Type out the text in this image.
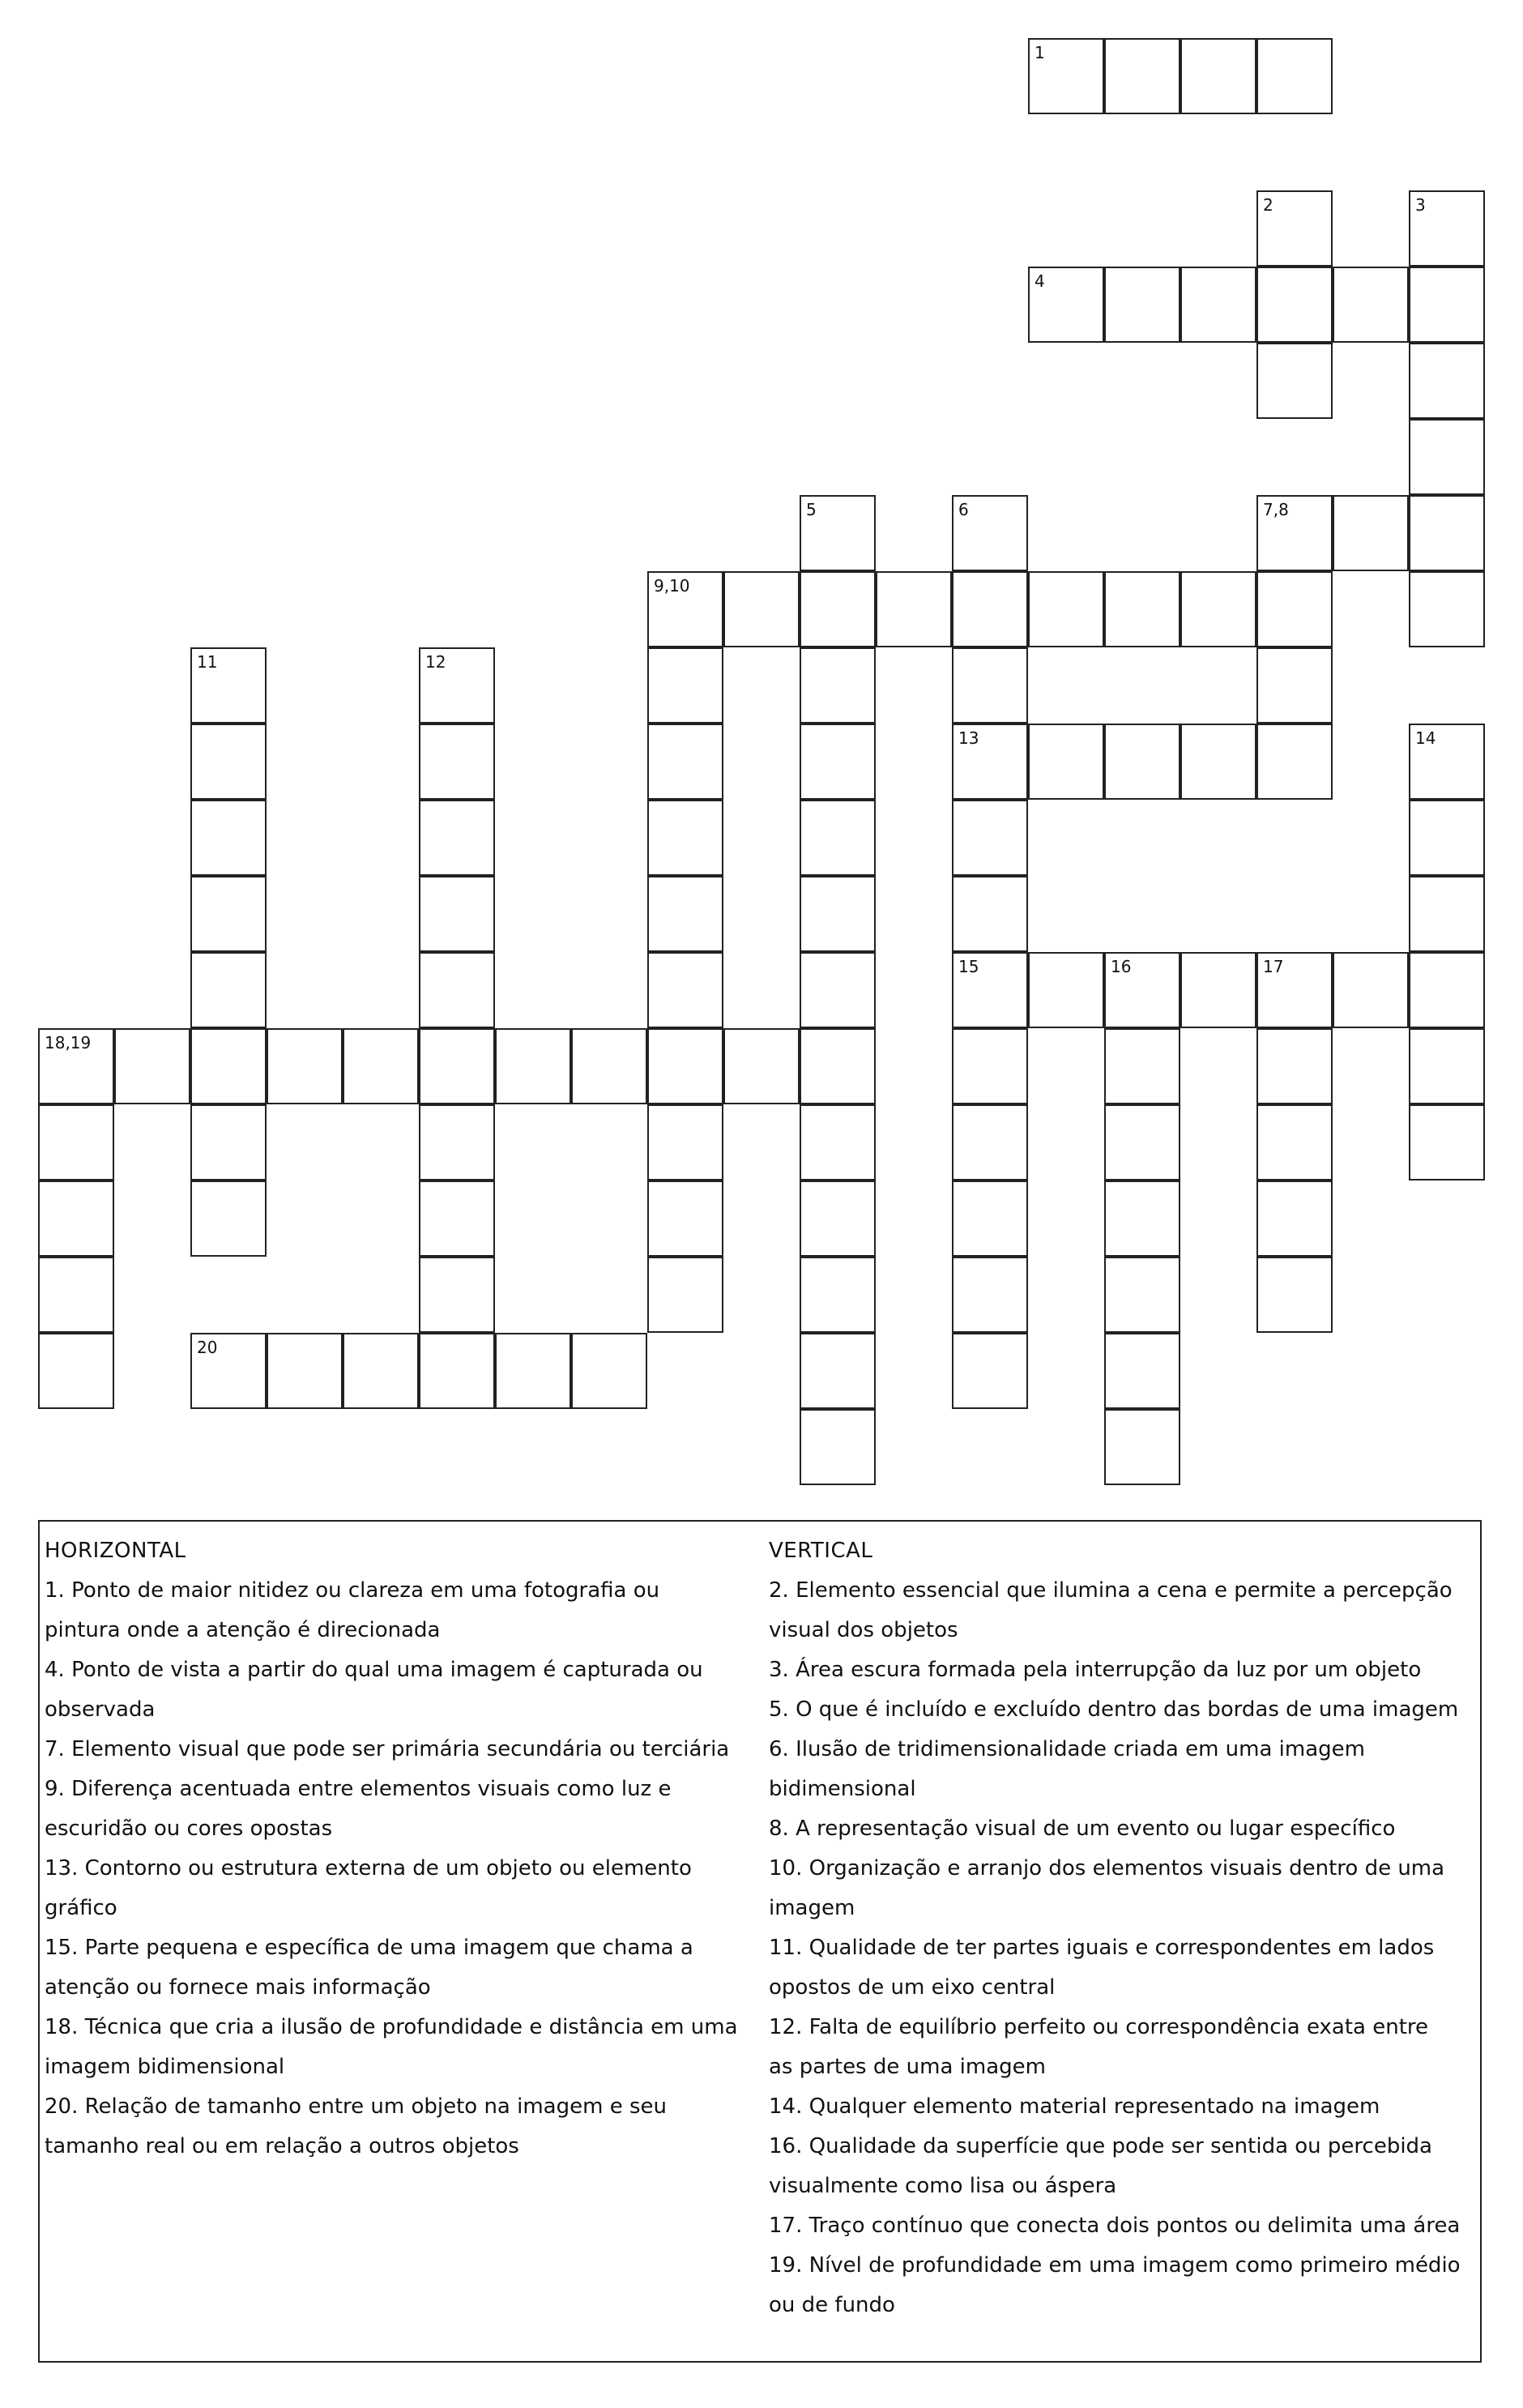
1
2	3
4
5	6	7,8
9,10
11	12
13	14
15	16	17
18,19
20
HORIZONTAL
1. Ponto de maior nitidez ou clareza em uma fotografia ou
pintura onde a atenção é direcionada
4. Ponto de vista a partir do qual uma imagem é capturada ou
observada
7. Elemento visual que pode ser primária secundária ou terciária
9. Diferença acentuada entre elementos visuais como luz e
escuridão ou cores opostas
13. Contorno ou estrutura externa de um objeto ou elemento
gráfico
15. Parte pequena e específica de uma imagem que chama a
atenção ou fornece mais informação
18. Técnica que cria a ilusão de profundidade e distância em uma
imagem bidimensional
20. Relação de tamanho entre um objeto na imagem e seu
tamanho real ou em relação a outros objetos
VERTICAL
2. Elemento essencial que ilumina a cena e permite a percepção
visual dos objetos
3. Área escura formada pela interrupção da luz por um objeto
5. O que é incluído e excluído dentro das bordas de uma imagem
6. Ilusão de tridimensionalidade criada em uma imagem
bidimensional
8. A representação visual de um evento ou lugar específico
10. Organização e arranjo dos elementos visuais dentro de uma
imagem
11. Qualidade de ter partes iguais e correspondentes em lados
opostos de um eixo central
12. Falta de equilíbrio perfeito ou correspondência exata entre
as partes de uma imagem
14. Qualquer elemento material representado na imagem
16. Qualidade da superfície que pode ser sentida ou percebida
visualmente como lisa ou áspera
17. Traço contínuo que conecta dois pontos ou delimita uma área
19. Nível de profundidade em uma imagem como primeiro médio
ou de fundo
